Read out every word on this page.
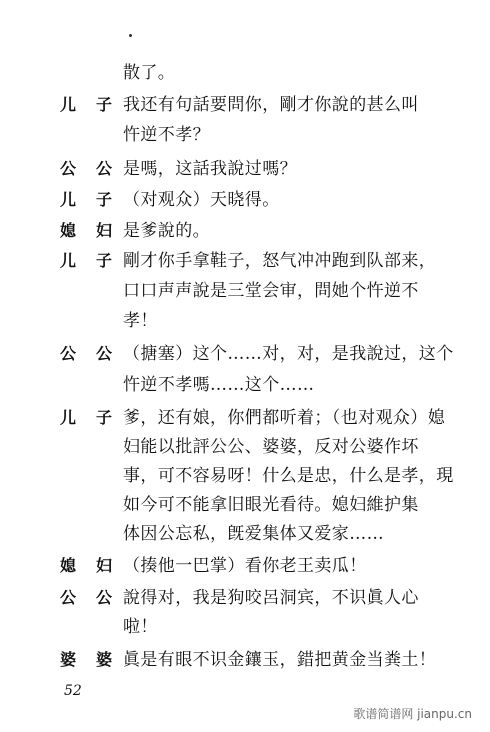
散了。
儿子
我还有句話要問你，剛才你說的甚么叫
忤逆不孝？
公公
是嗎，这話我說过嗎？
儿子
（对观众）天晓得。
媳妇
是爹說的。
儿子
剛才你手拿鞋子，怒气冲冲跑到队部来，
口口声声說是三堂会审，問她个忤逆不
孝！
公公
（搪塞）这个……对，对，是我說过，这个
忤逆不孝嗎……这个……
儿子
爹，还有娘，你們都听着；（也对观众）媳
妇能以批評公公、婆婆，反对公婆作坏
事，可不容易呀！什么是忠，什么是孝，現
如今可不能拿旧眼光看待。媳妇維护集
体因公忘私，旣爱集体又爱家……
媳妇
（揍他一巴掌）看你老王卖瓜！
公公
說得对，我是狗咬呂洞宾，不识眞人心
啦！
婆婆
眞是有眼不识金鑲玉，錯把黄金当粪土！
52
歌谱简谱网 jianpu.cn
